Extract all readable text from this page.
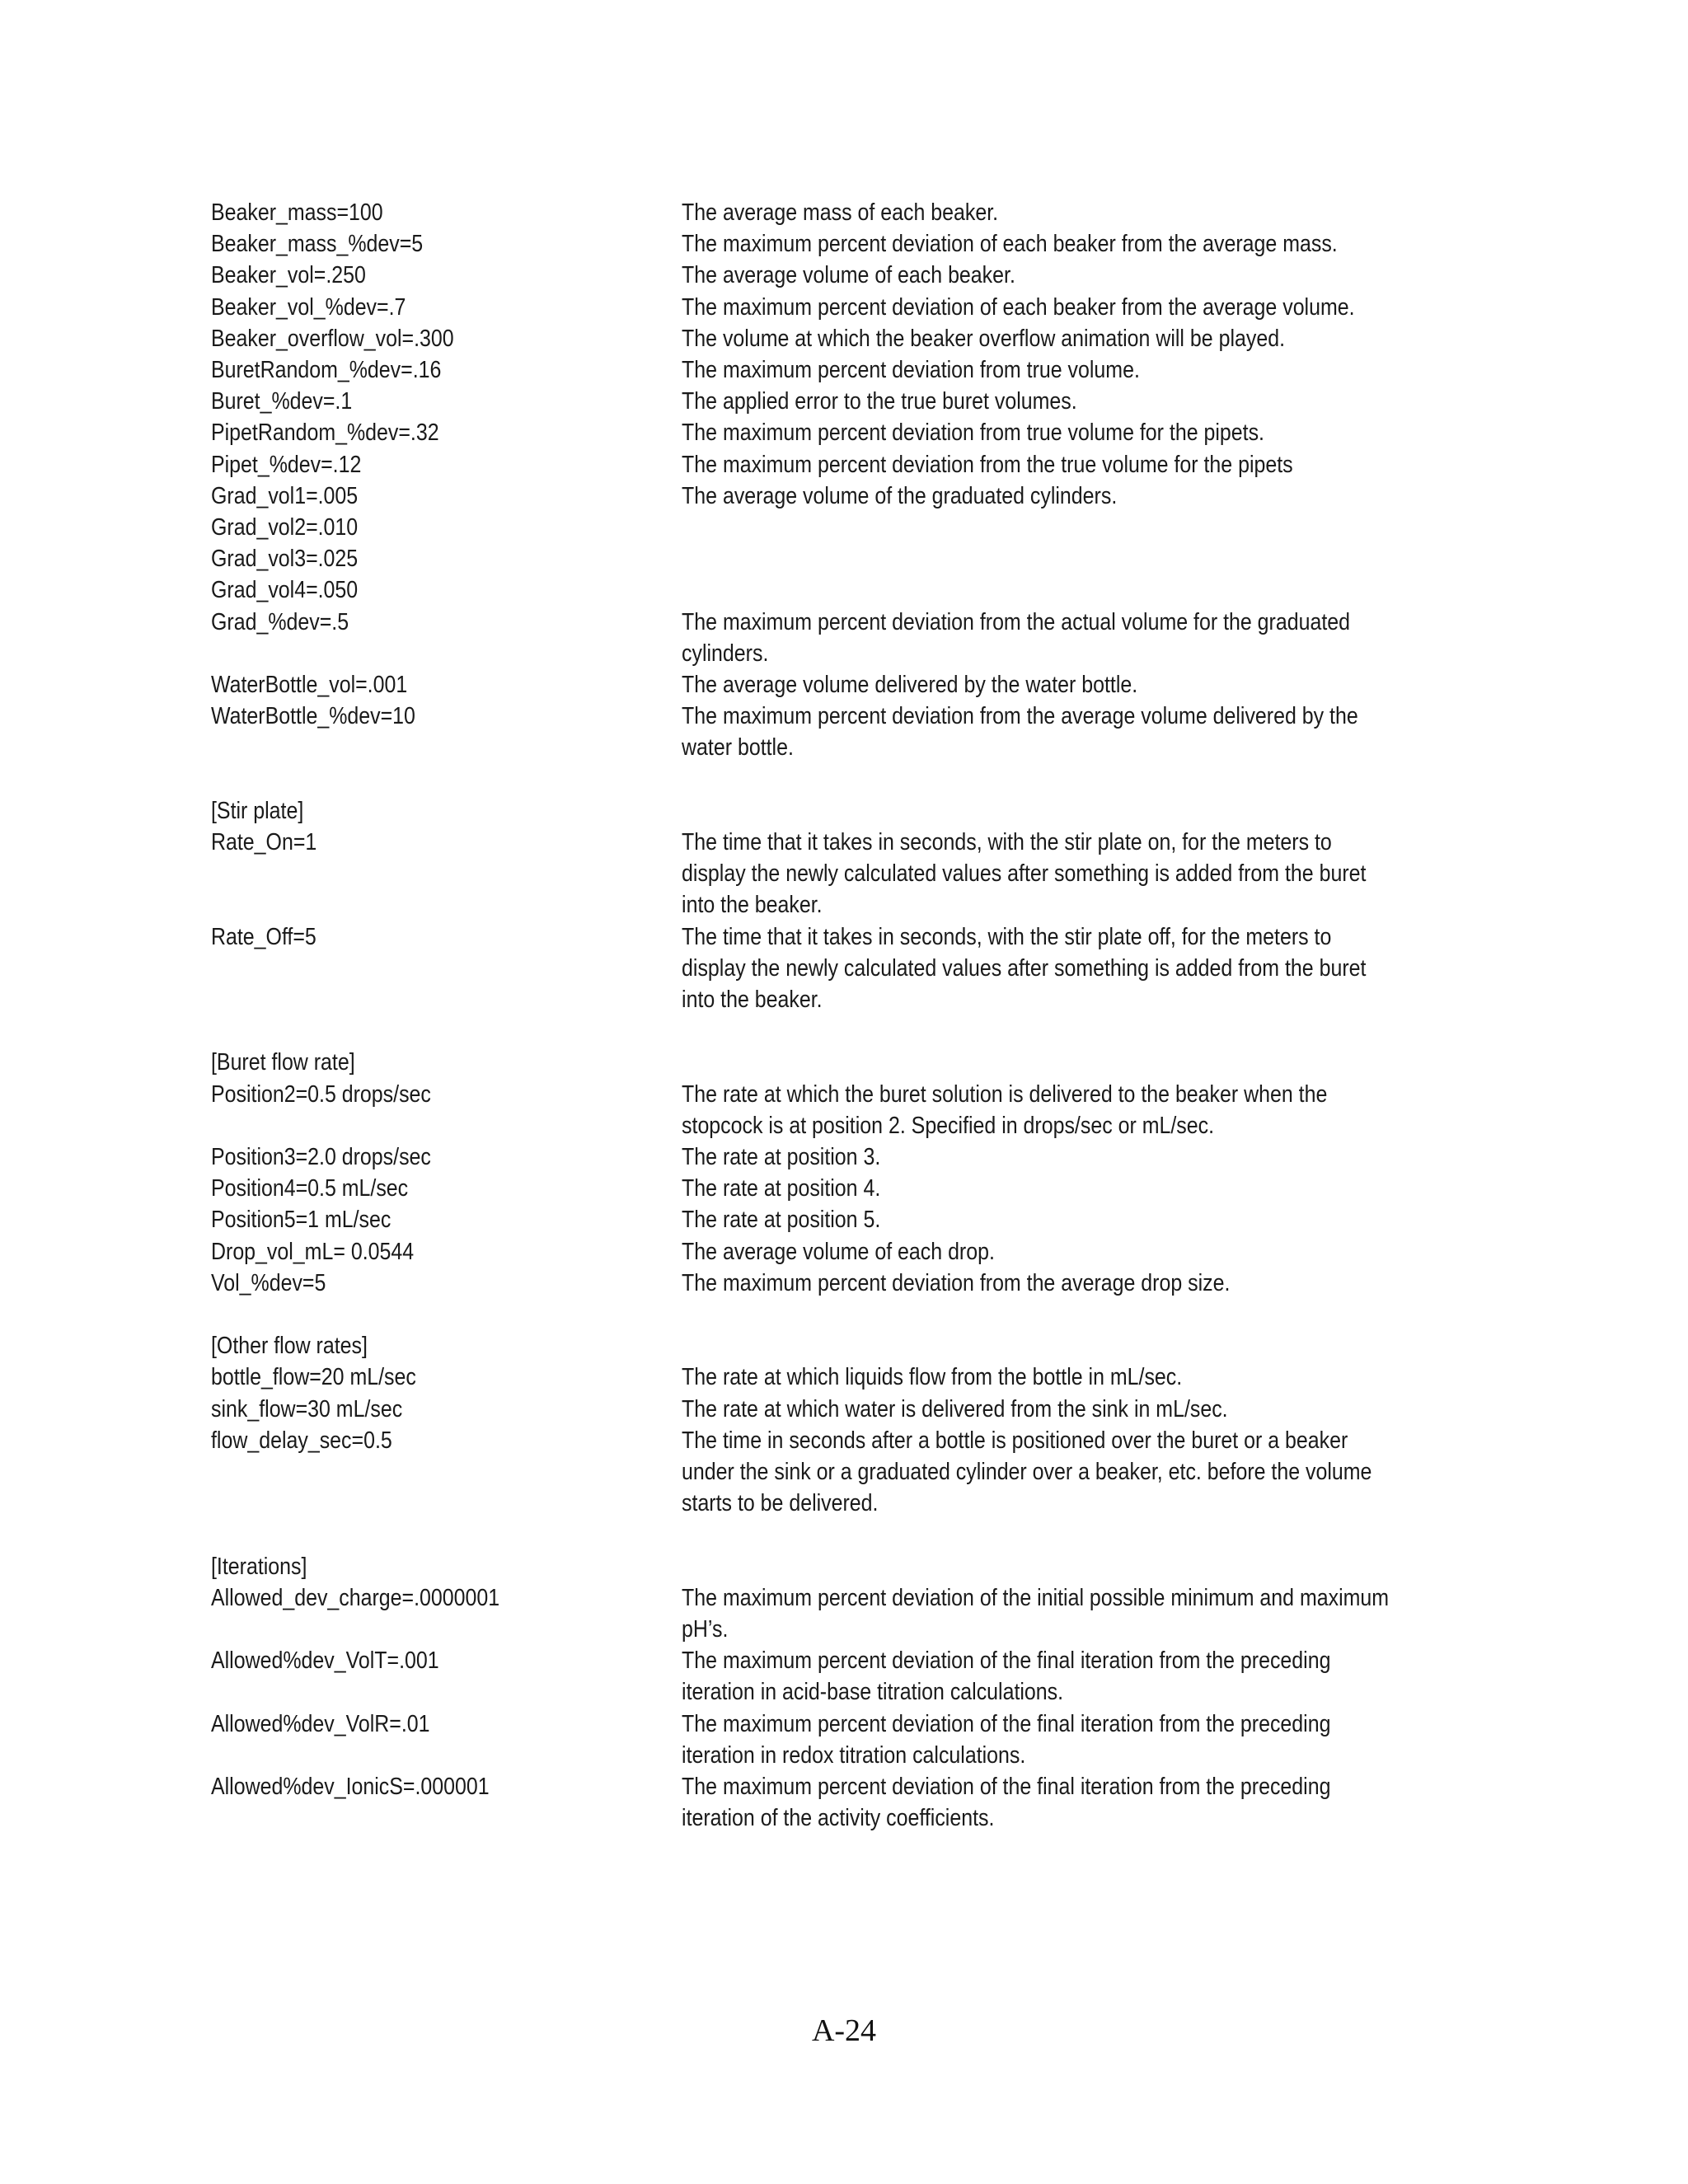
Beaker_mass=100	The average mass of each beaker.
Beaker_mass_%dev=5	The maximum percent deviation of each beaker from the average mass.
Beaker_vol=.250	The average volume of each beaker.
Beaker_vol_%dev=.7	The maximum percent deviation of each beaker from the average volume.
Beaker_overflow_vol=.300	The volume at which the beaker overflow animation will be played.
BuretRandom_%dev=.16	The maximum percent deviation from true volume.
Buret_%dev=.1	The applied error to the true buret volumes.
PipetRandom_%dev=.32	The maximum percent deviation from true volume for the pipets.
Pipet_%dev=.12	The maximum percent deviation from the true volume for the pipets
Grad_vol1=.005	The average volume of the graduated cylinders.
Grad_vol2=.010
Grad_vol3=.025
Grad_vol4=.050
Grad_%dev=.5	The maximum percent deviation from the actual volume for the graduated
cylinders.
WaterBottle_vol=.001	The average volume delivered by the water bottle.
WaterBottle_%dev=10	The maximum percent deviation from the average volume delivered by the
water bottle.
[Stir plate]
Rate_On=1	The time that it takes in seconds, with the stir plate on, for the meters to
display the newly calculated values after something is added from the buret
into the beaker.
Rate_Off=5	The time that it takes in seconds, with the stir plate off, for the meters to
display the newly calculated values after something is added from the buret
into the beaker.
[Buret flow rate]
Position2=0.5 drops/sec	The rate at which the buret solution is delivered to the beaker when the
stopcock is at position 2. Specified in drops/sec or mL/sec.
Position3=2.0 drops/sec	The rate at position 3.
Position4=0.5 mL/sec	The rate at position 4.
Position5=1 mL/sec	The rate at position 5.
Drop_vol_mL= 0.0544	The average volume of each drop.
Vol_%dev=5	The maximum percent deviation from the average drop size.
[Other flow rates]
bottle_flow=20 mL/sec	The rate at which liquids flow from the bottle in mL/sec.
sink_flow=30 mL/sec	The rate at which water is delivered from the sink in mL/sec.
flow_delay_sec=0.5	The time in seconds after a bottle is positioned over the buret or a beaker
under the sink or a graduated cylinder over a beaker, etc. before the volume
starts to be delivered.
[Iterations]
Allowed_dev_charge=.0000001	The maximum percent deviation of the initial possible minimum and maximum
pH’s.
Allowed%dev_VolT=.001	The maximum percent deviation of the final iteration from the preceding
iteration in acid-base titration calculations.
Allowed%dev_VolR=.01	The maximum percent deviation of the final iteration from the preceding
iteration in redox titration calculations.
Allowed%dev_IonicS=.000001	The maximum percent deviation of the final iteration from the preceding
iteration of the activity coefficients.
A-24
